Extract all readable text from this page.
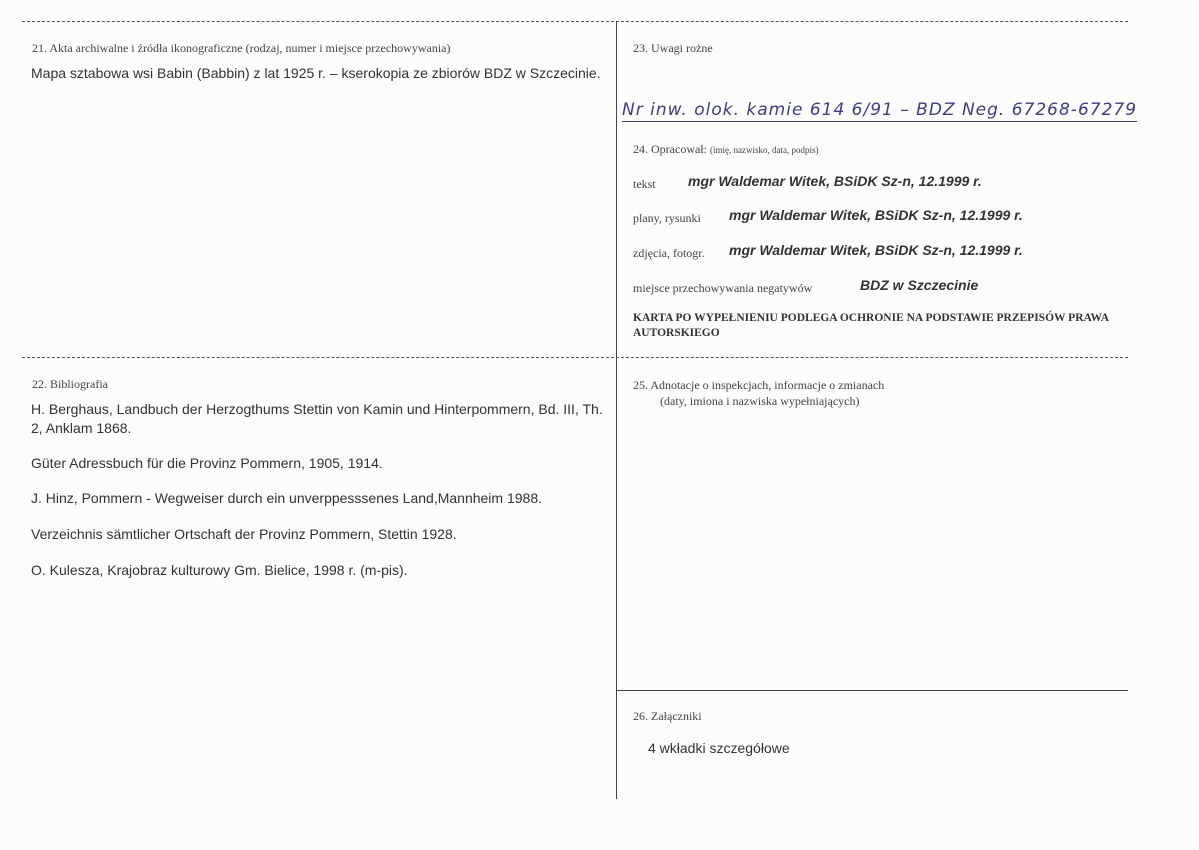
21. Akta archiwalne i źródła ikonograficzne (rodzaj, numer i miejsce przechowywania)
Mapa sztabowa wsi Babin (Babbin) z lat 1925 r. – kserokopia ze zbiorów BDZ w Szczecinie.
23. Uwagi rożne
Nr inw. olok. kamie 614 6/91 – BDZ Neg. 67268-67279
24. Opracował: (imię, nazwisko, data, podpis)
tekst mgr Waldemar Witek, BSiDK Sz-n, 12.1999 r.
plany, rysunki mgr Waldemar Witek, BSiDK Sz-n, 12.1999 r.
zdjęcia, fotogr. mgr Waldemar Witek, BSiDK Sz-n, 12.1999 r.
miejsce przechowywania negatywów	BDZ w Szczecinie
KARTA PO WYPEŁNIENIU PODLEGA OCHRONIE NA PODSTAWIE PRZEPISÓW PRAWA AUTORSKIEGO
22. Bibliografia
H. Berghaus, Landbuch der Herzogthums Stettin von Kamin und Hinterpommern, Bd. III, Th. 2, Anklam 1868.
Güter Adressbuch für die Provinz Pommern, 1905, 1914.
J. Hinz, Pommern - Wegweiser durch ein unverppesssenes Land,Mannheim 1988.
Verzeichnis sämtlicher Ortschaft der Provinz Pommern, Stettin 1928.
O. Kulesza, Krajobraz kulturowy Gm. Bielice, 1998 r. (m-pis).
25. Adnotacje o inspekcjach, informacje o zmianach
(daty, imiona i nazwiska wypełniających)
26. Załączniki
4 wkładki szczegółowe
